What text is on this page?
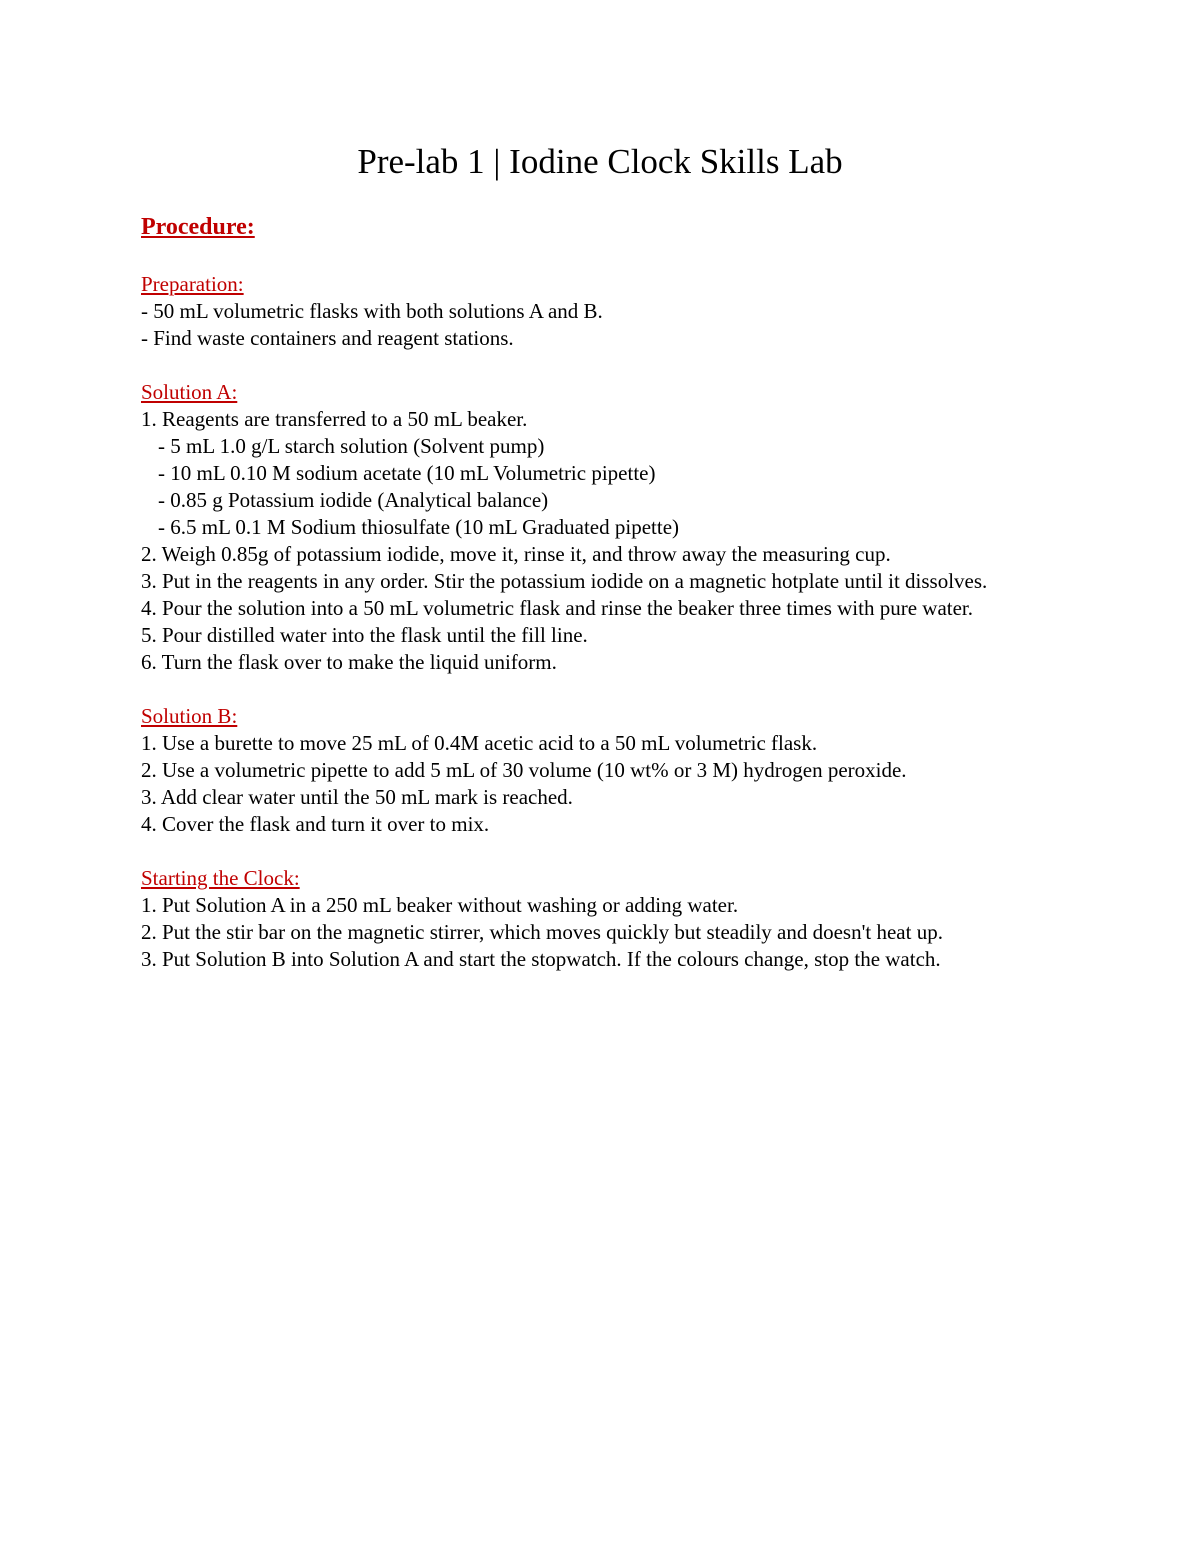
Pre-lab 1 | Iodine Clock Skills Lab
Procedure:
Preparation:
- 50 mL volumetric flasks with both solutions A and B.
- Find waste containers and reagent stations.
Solution A:
1. Reagents are transferred to a 50 mL beaker.
- 5 mL 1.0 g/L starch solution (Solvent pump)
- 10 mL 0.10 M sodium acetate (10 mL Volumetric pipette)
- 0.85 g Potassium iodide (Analytical balance)
- 6.5 mL 0.1 M Sodium thiosulfate (10 mL Graduated pipette)
2. Weigh 0.85g of potassium iodide, move it, rinse it, and throw away the measuring cup.
3. Put in the reagents in any order. Stir the potassium iodide on a magnetic hotplate until it dissolves.
4. Pour the solution into a 50 mL volumetric flask and rinse the beaker three times with pure water.
5. Pour distilled water into the flask until the fill line.
6. Turn the flask over to make the liquid uniform.
Solution B:
1. Use a burette to move 25 mL of 0.4M acetic acid to a 50 mL volumetric flask.
2. Use a volumetric pipette to add 5 mL of 30 volume (10 wt% or 3 M) hydrogen peroxide.
3. Add clear water until the 50 mL mark is reached.
4. Cover the flask and turn it over to mix.
Starting the Clock:
1. Put Solution A in a 250 mL beaker without washing or adding water.
2. Put the stir bar on the magnetic stirrer, which moves quickly but steadily and doesn't heat up.
3. Put Solution B into Solution A and start the stopwatch. If the colours change, stop the watch.
